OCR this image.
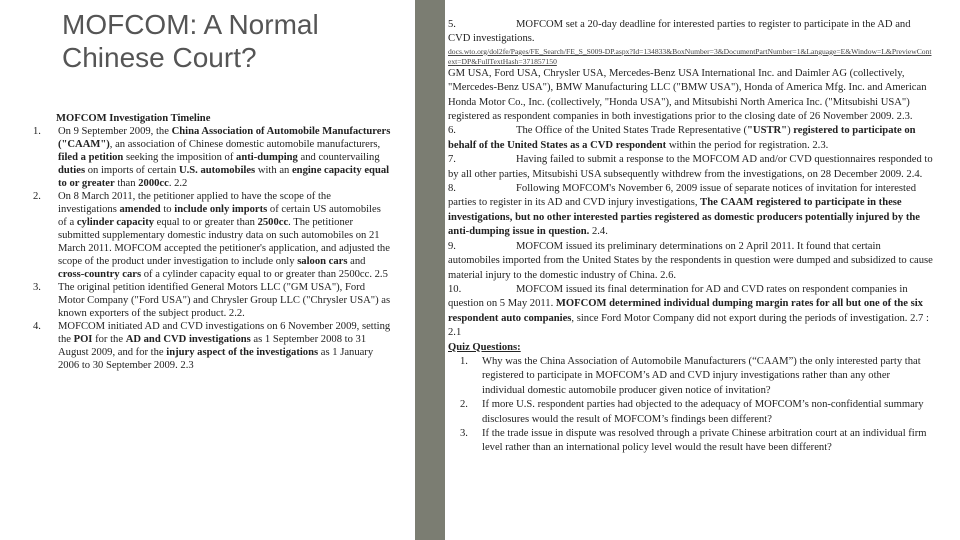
MOFCOM: A Normal Chinese Court?

MOFCOM Investigation Timeline

1. On 9 September 2009, the China Association of Automobile Manufacturers ("CAAM"), an association of Chinese domestic automobile manufacturers, filed a petition seeking the imposition of anti-dumping and countervailing duties on imports of certain U.S. automobiles with an engine capacity equal to or greater than 2000cc. 2.2
2. On 8 March 2011, the petitioner applied to have the scope of the investigations amended to include only imports of certain US automobiles of a cylinder capacity equal to or greater than 2500cc. The petitioner submitted supplementary domestic industry data on such automobiles on 21 March 2011. MOFCOM accepted the petitioner's application, and adjusted the scope of the product under investigation to include only saloon cars and cross-country cars of a cylinder capacity equal to or greater than 2500cc. 2.5
3. The original petition identified General Motors LLC ("GM USA"), Ford Motor Company ("Ford USA") and Chrysler Group LLC ("Chrysler USA") as known exporters of the subject product. 2.2.
4. MOFCOM initiated AD and CVD investigations on 6 November 2009, setting the POI for the AD and CVD investigations as 1 September 2008 to 31 August 2009, and for the injury aspect of the investigations as 1 January 2006 to 30 September 2009. 2.3

5.	MOFCOM set a 20-day deadline for interested parties to register to participate in the AD and CVD investigations.
docs.wto.org/dol2fe/Pages/FE_Search/FE_S_S009-DP.aspx?Id=134833&BoxNumber=3&DocumentPartNumber=1&Language=E&Window=L&PreviewContext=DP&FullTextHash=371857150

GM USA, Ford USA, Chrysler USA, Mercedes-Benz USA International Inc. and Daimler AG (collectively, "Mercedes-Benz USA"), BMW Manufacturing LLC ("BMW USA"), Honda of America Mfg. Inc. and American Honda Motor Co., Inc. (collectively, "Honda USA"), and Mitsubishi North America Inc. ("Mitsubishi USA") registered as respondent companies in both investigations prior to the closing date of 26 November 2009. 2.3.

6.	The Office of the United States Trade Representative ("USTR") registered to participate on behalf of the United States as a CVD respondent within the period for registration. 2.3.

7.	Having failed to submit a response to the MOFCOM AD and/or CVD questionnaires responded to by all other parties, Mitsubishi USA subsequently withdrew from the investigations, on 28 December 2009. 2.4.

8.	Following MOFCOM's November 6, 2009 issue of separate notices of invitation for interested parties to register in its AD and CVD injury investigations, The CAAM registered to participate in these investigations, but no other interested parties registered as domestic producers potentially injured by the anti-dumping issue in question. 2.4.

9.	MOFCOM issued its preliminary determinations on 2 April 2011. It found that certain automobiles imported from the United States by the respondents in question were dumped and subsidized to cause material injury to the domestic industry of China. 2.6.

10.	MOFCOM issued its final determination for AD and CVD rates on respondent companies in question on 5 May 2011. MOFCOM determined individual dumping margin rates for all but one of the six respondent auto companies, since Ford Motor Company did not export during the periods of investigation. 2.7 : 2.1

Quiz Questions:

1. Why was the China Association of Automobile Manufacturers (“CAAM”) the only interested party that registered to participate in MOFCOM’s AD and CVD injury investigations rather than any other individual domestic automobile producer given notice of invitation?
2. If more U.S. respondent parties had objected to the adequacy of MOFCOM’s non-confidential summary disclosures would the result of MOFCOM’s findings been different?
3. If the trade issue in dispute was resolved through a private Chinese arbitration court at an individual firm level rather than an international policy level would the result have been different?
